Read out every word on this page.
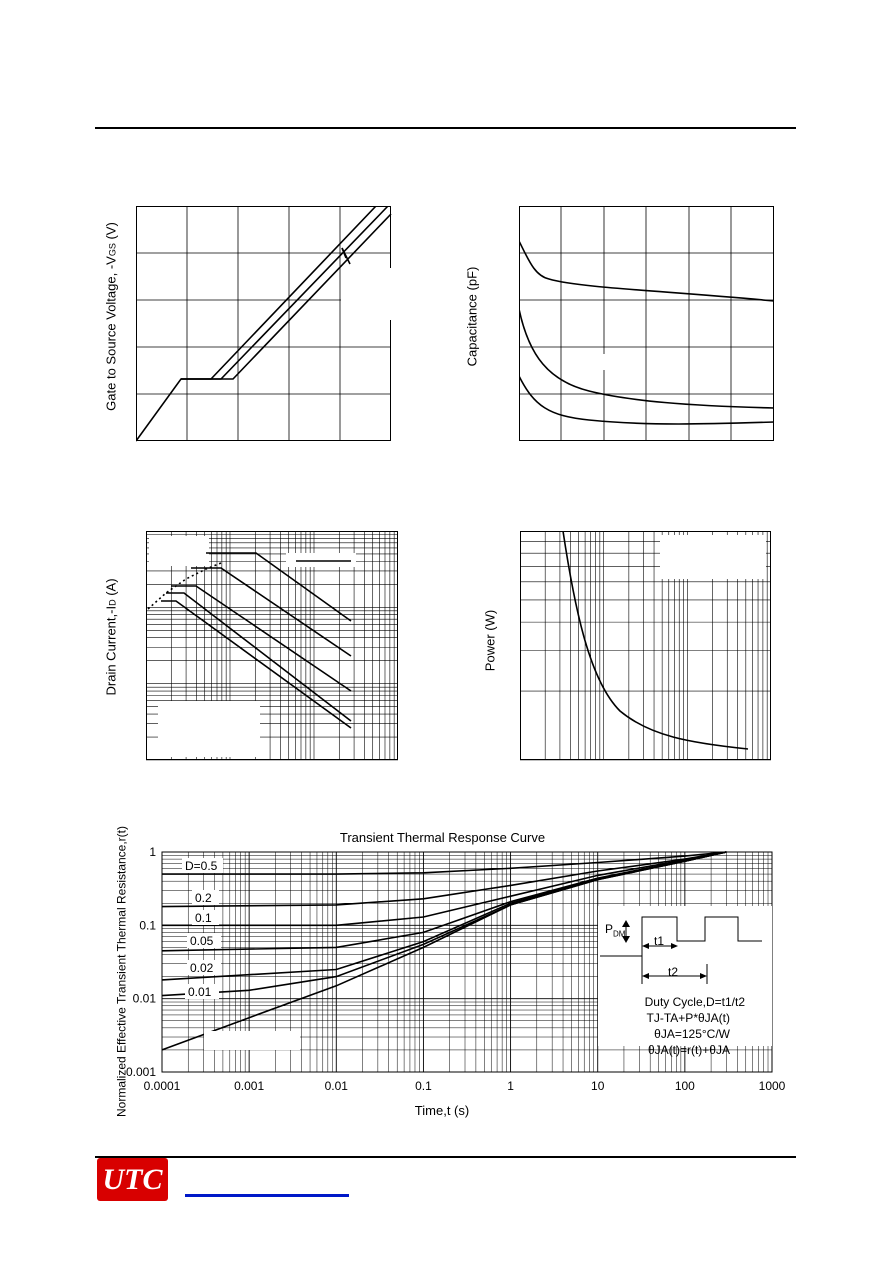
Gate to Source Voltage, -VGS (V)
Capacitance (pF)
Drain Current,-ID (A)
Power (W)
Transient Thermal Response Curve
Normalized Effective Transient Thermal Resistance,r(t)	Time,t (s)
1
0.1
0.01
0.001
0.0001	0.001	0.01	0.1	1	10	100	1000
D=0.5
0.2
0.1
0.05
0.02
0.01
$P_{DM}$
t1
t2
Duty Cycle,D=t1/t2
TJ-TA+P*θJA(t)
θJA=125°C/W
θJA(t)=r(t)+θJA
UTC
